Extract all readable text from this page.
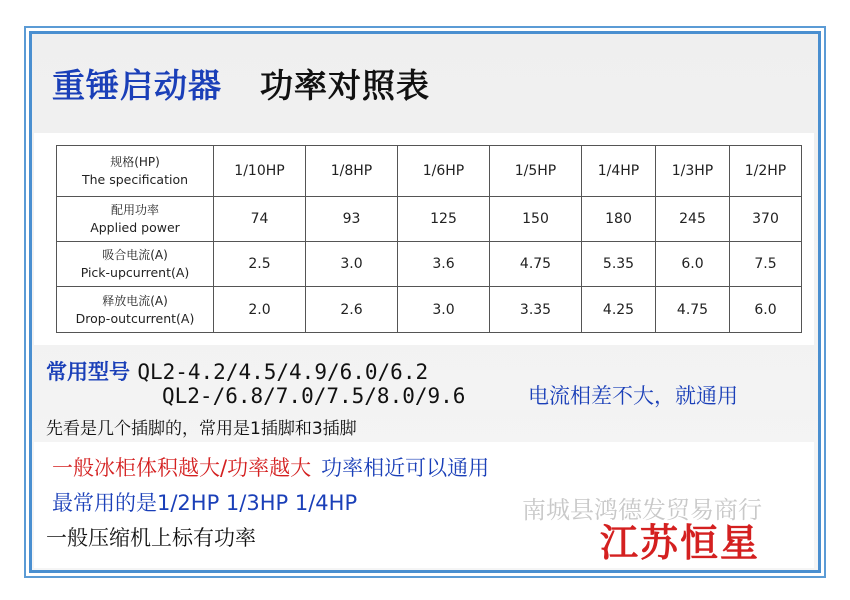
重锤启动器 功率对照表
规格(HP)
The specification	1/10HP	1/8HP	1/6HP	1/5HP	1/4HP	1/3HP	1/2HP

配用功率
Applied power	74	93	125	150	180	245	370

吸合电流(A)
Pick-upcurrent(A)	2.5	3.0	3.6	4.75	5.35	6.0	7.5

释放电流(A)
Drop-outcurrent(A)	2.0	2.6	3.0	3.35	4.25	4.75	6.0
常用型号 QL2-4.2/4.5/4.9/6.0/6.2
QL2-/6.8/7.0/7.5/8.0/9.6	电流相差不大，就通用
先看是几个插脚的，常用是1插脚和3插脚
一般冰柜体积越大/功率越大 功率相近可以通用
最常用的是1/2HP 1/3HP 1/4HP
一般压缩机上标有功率
南城县鸿德发贸易商行
江苏恒星
